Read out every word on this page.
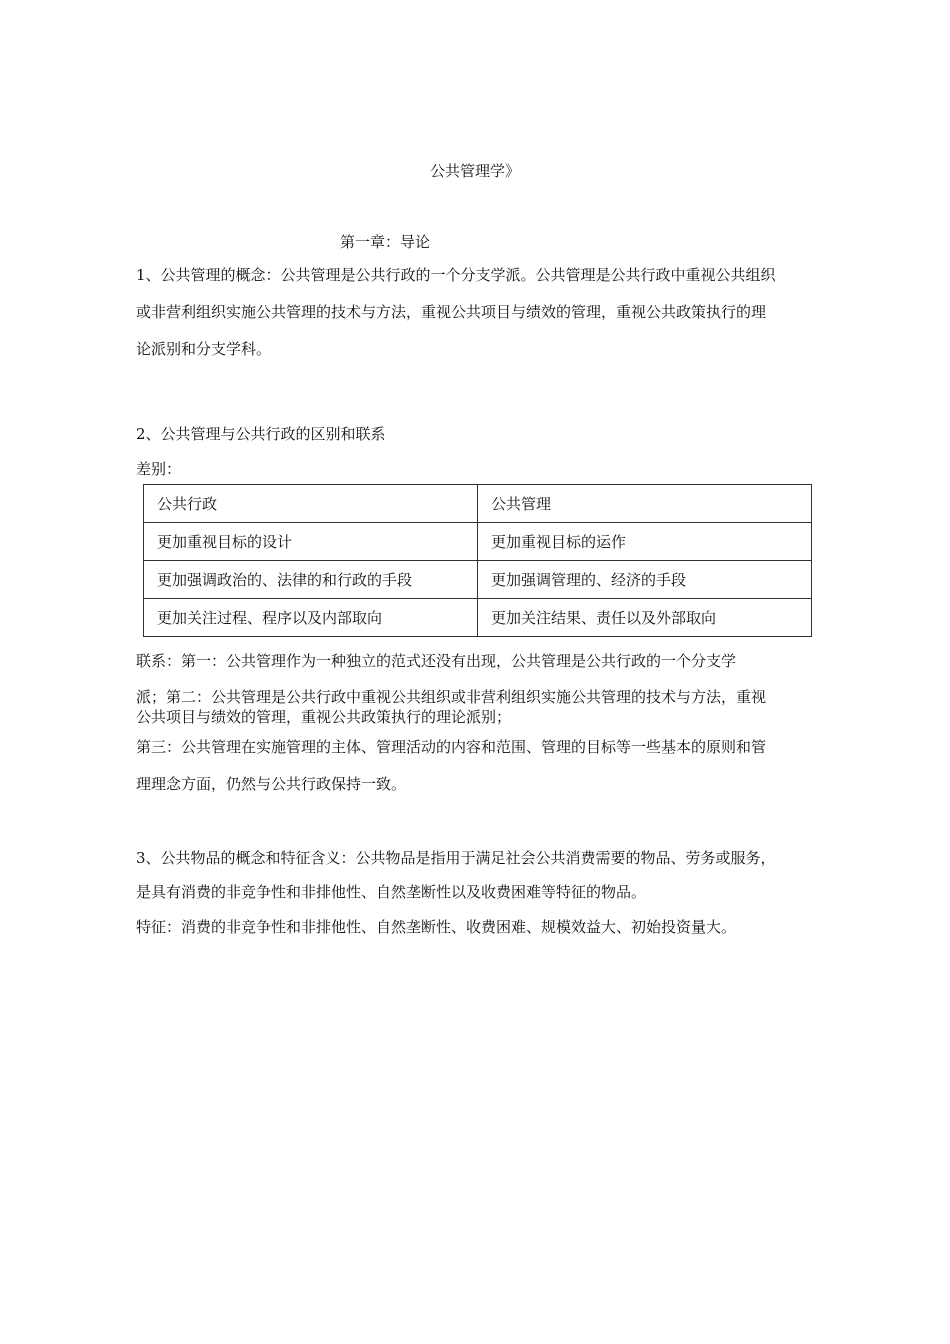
公共管理学》
第一章：导论
1、公共管理的概念：公共管理是公共行政的一个分支学派。公共管理是公共行政中重视公共组织
或非营利组织实施公共管理的技术与方法，重视公共项目与绩效的管理，重视公共政策执行的理
论派别和分支学科。
2、公共管理与公共行政的区别和联系
差别：
公共行政	公共管理
更加重视目标的设计	更加重视目标的运作
更加强调政治的、法律的和行政的手段	更加强调管理的、经济的手段
更加关注过程、程序以及内部取向	更加关注结果、责任以及外部取向
联系：第一：公共管理作为一种独立的范式还没有出现，公共管理是公共行政的一个分支学
派；第二：公共管理是公共行政中重视公共组织或非营利组织实施公共管理的技术与方法，重视
公共项目与绩效的管理，重视公共政策执行的理论派别；
第三：公共管理在实施管理的主体、管理活动的内容和范围、管理的目标等一些基本的原则和管
理理念方面，仍然与公共行政保持一致。
3、公共物品的概念和特征含义：公共物品是指用于满足社会公共消费需要的物品、劳务或服务，
是具有消费的非竞争性和非排他性、自然垄断性以及收费困难等特征的物品。
特征：消费的非竞争性和非排他性、自然垄断性、收费困难、规模效益大、初始投资量大。
